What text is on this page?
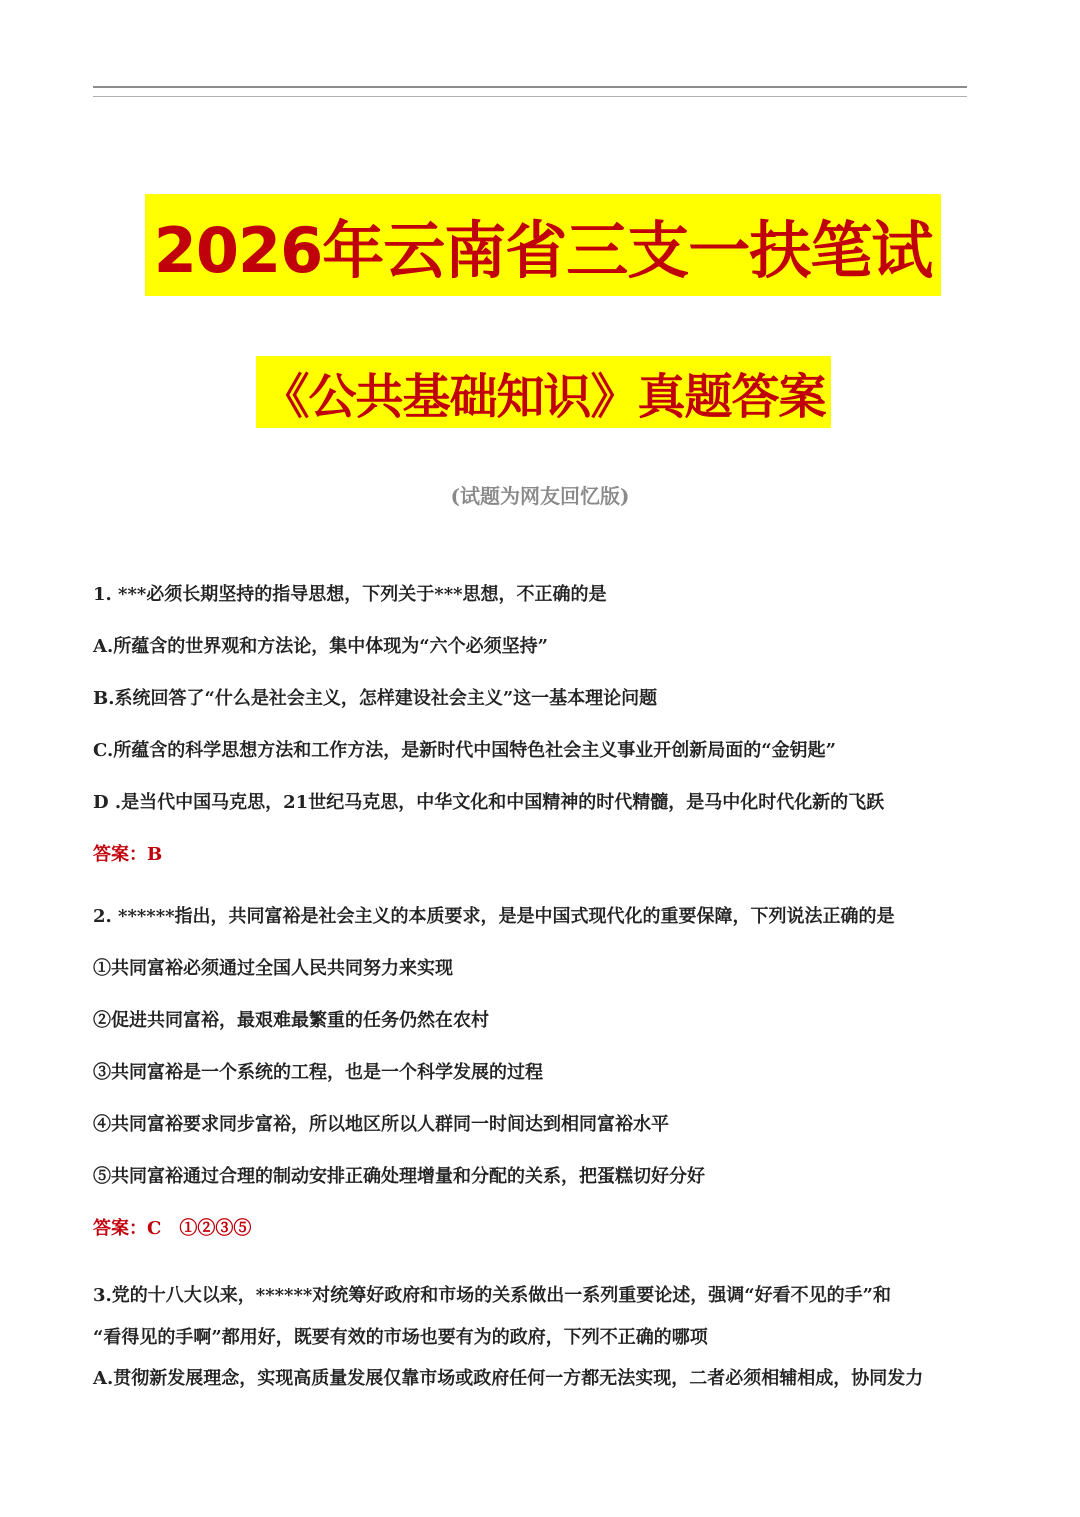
2026年云南省三支一扶笔试
《公共基础知识》真题答案
(试题为网友回忆版)
1. ***必须长期坚持的指导思想，下列关于***思想，不正确的是
A.所蕴含的世界观和方法论，集中体现为“六个必须坚持”
B.系统回答了“什么是社会主义，怎样建设社会主义”这一基本理论问题
C.所蕴含的科学思想方法和工作方法，是新时代中国特色社会主义事业开创新局面的“金钥匙”
D .是当代中国马克思，21世纪马克思，中华文化和中国精神的时代精髓，是马中化时代化新的飞跃
答案：B
2. ******指出，共同富裕是社会主义的本质要求，是是中国式现代化的重要保障，下列说法正确的是
①共同富裕必须通过全国人民共同努力来实现
②促进共同富裕，最艰难最繁重的任务仍然在农村
③共同富裕是一个系统的工程，也是一个科学发展的过程
④共同富裕要求同步富裕，所以地区所以人群同一时间达到相同富裕水平
⑤共同富裕通过合理的制动安排正确处理增量和分配的关系，把蛋糕切好分好
答案：C　①②③⑤
3.党的十八大以来，******对统筹好政府和市场的关系做出一系列重要论述，强调“好看不见的手”和
“看得见的手啊”都用好，既要有效的市场也要有为的政府，下列不正确的哪项
A.贯彻新发展理念，实现高质量发展仅靠市场或政府任何一方都无法实现，二者必须相辅相成，协同发力
